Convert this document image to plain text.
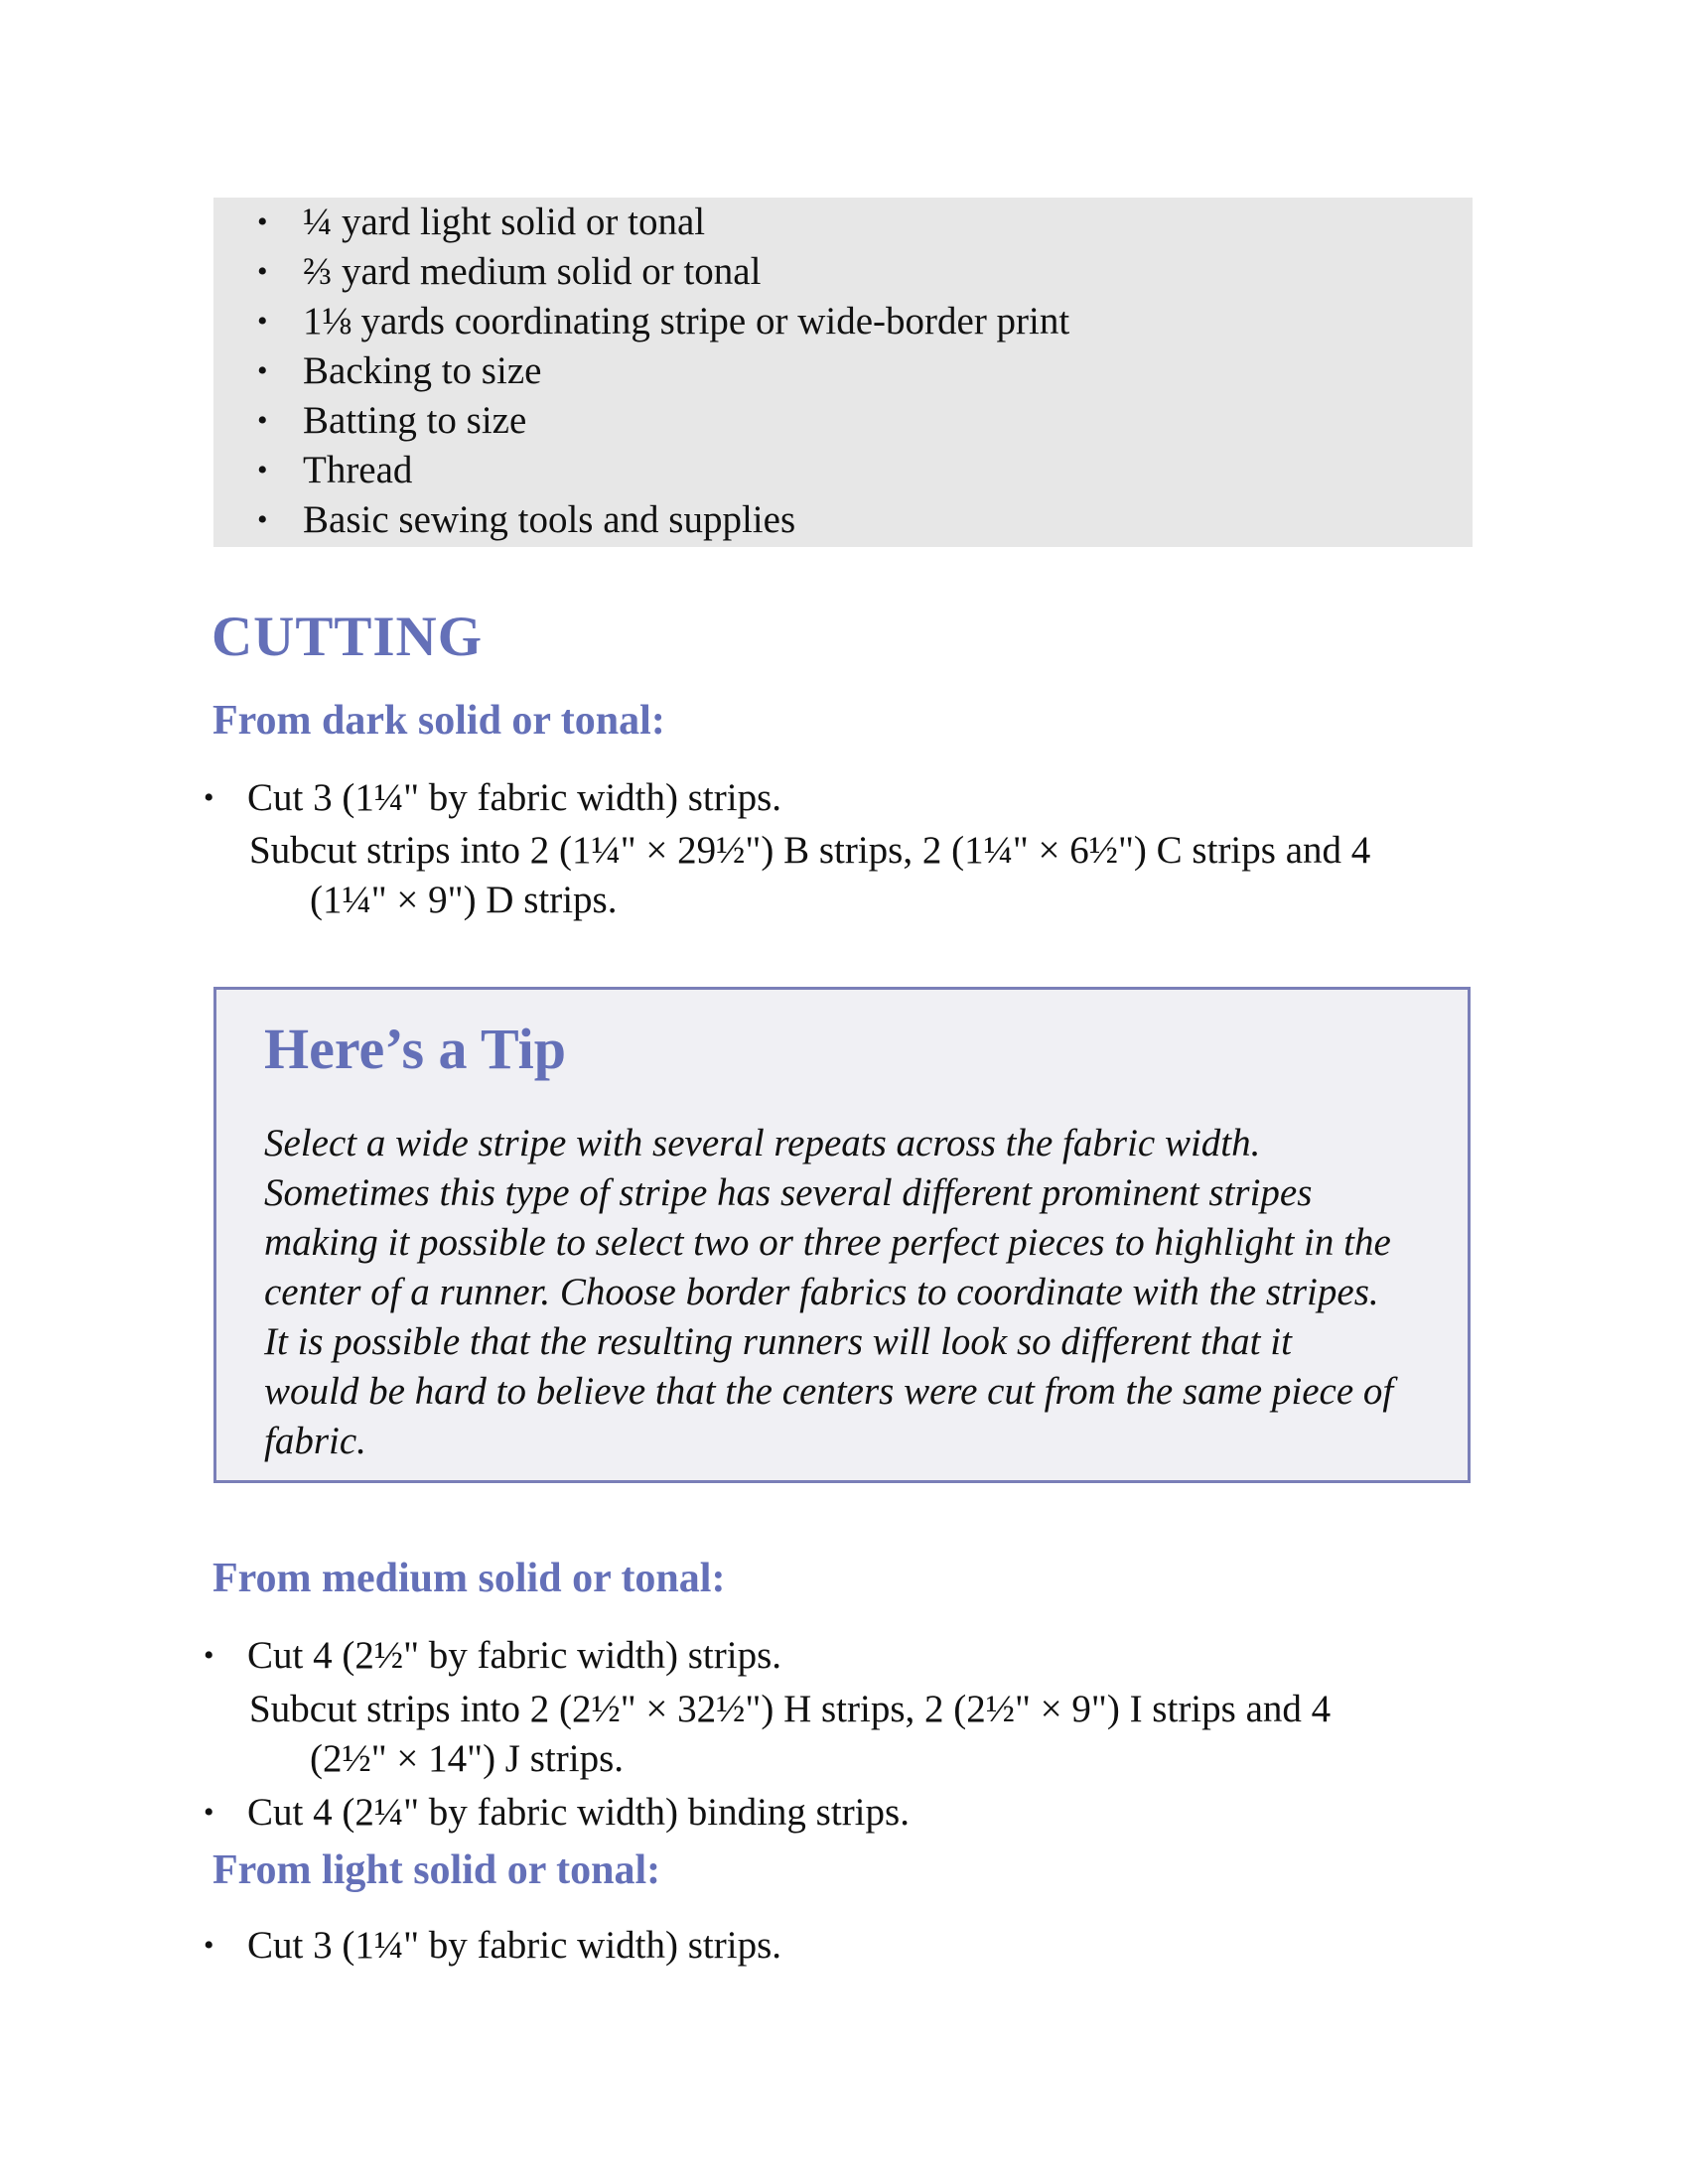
• ¼ yard light solid or tonal
• ⅔ yard medium solid or tonal
• 1⅛ yards coordinating stripe or wide-border print
• Backing to size
• Batting to size
• Thread
• Basic sewing tools and supplies
CUTTING
From dark solid or tonal:
• Cut 3 (1¼" by fabric width) strips.
Subcut strips into 2 (1¼" × 29½") B strips, 2 (1¼" × 6½") C strips and 4
(1¼" × 9") D strips.
Here’s a Tip
Select a wide stripe with several repeats across the fabric width.
Sometimes this type of stripe has several different prominent stripes
making it possible to select two or three perfect pieces to highlight in the
center of a runner. Choose border fabrics to coordinate with the stripes.
It is possible that the resulting runners will look so different that it
would be hard to believe that the centers were cut from the same piece of
fabric.
From medium solid or tonal:
• Cut 4 (2½" by fabric width) strips.
Subcut strips into 2 (2½" × 32½") H strips, 2 (2½" × 9") I strips and 4
(2½" × 14") J strips.
• Cut 4 (2¼" by fabric width) binding strips.
From light solid or tonal:
• Cut 3 (1¼" by fabric width) strips.
